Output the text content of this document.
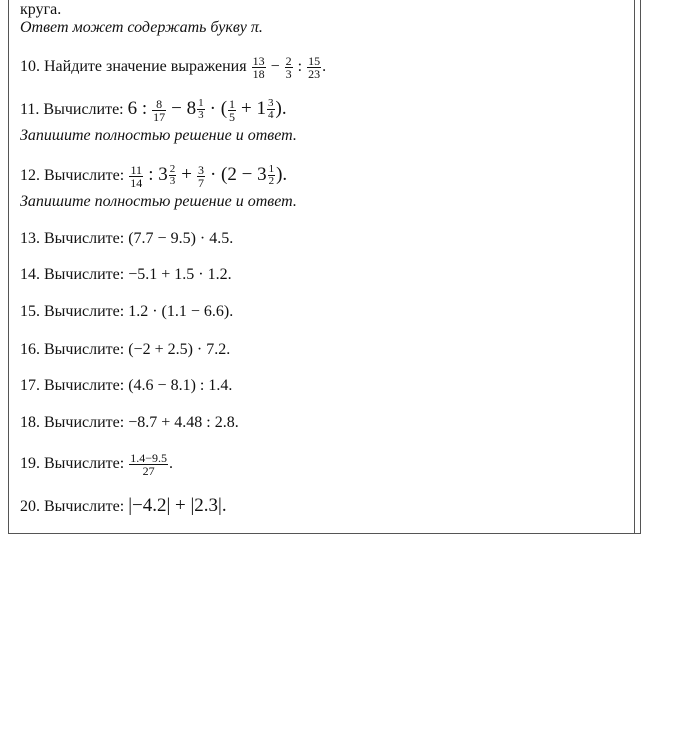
круга.
Ответ может содержать букву π.
10. Найдите значение выражения $\frac{13}{18} - \frac{2}{3}$ : $\frac{15}{23}$ .
11. Вычислите: 6 : $\frac{8}{17} - 8 \frac{1}{3}$ · ( $\frac{1}{5} + 1 \frac{3}{4}$ ).
Запишите полностью решение и ответ.
12. Вычислите: $\frac{11}{14}$ : $3 \frac{2}{3} + \frac{3}{7} \cdot (2 - 3 \frac{1}{2}$ ).
Запишите полностью решение и ответ.
13. Вычислите: (7.7 − 9.5) · 4.5.
14. Вычислите: −5.1 + 1.5 · 1.2.
15. Вычислите: 1.2 · (1.1 − 6.6).
16. Вычислите: (−2 + 2.5) · 7.2.
17. Вычислите: (4.6 − 8.1) : 1.4.
18. Вычислите: −8.7 + 4.48 : 2.8.
19. Вычислите: $\frac{1.4-9.5}{27}$ .
20. Вычислите: |−4.2| + |2.3|.
